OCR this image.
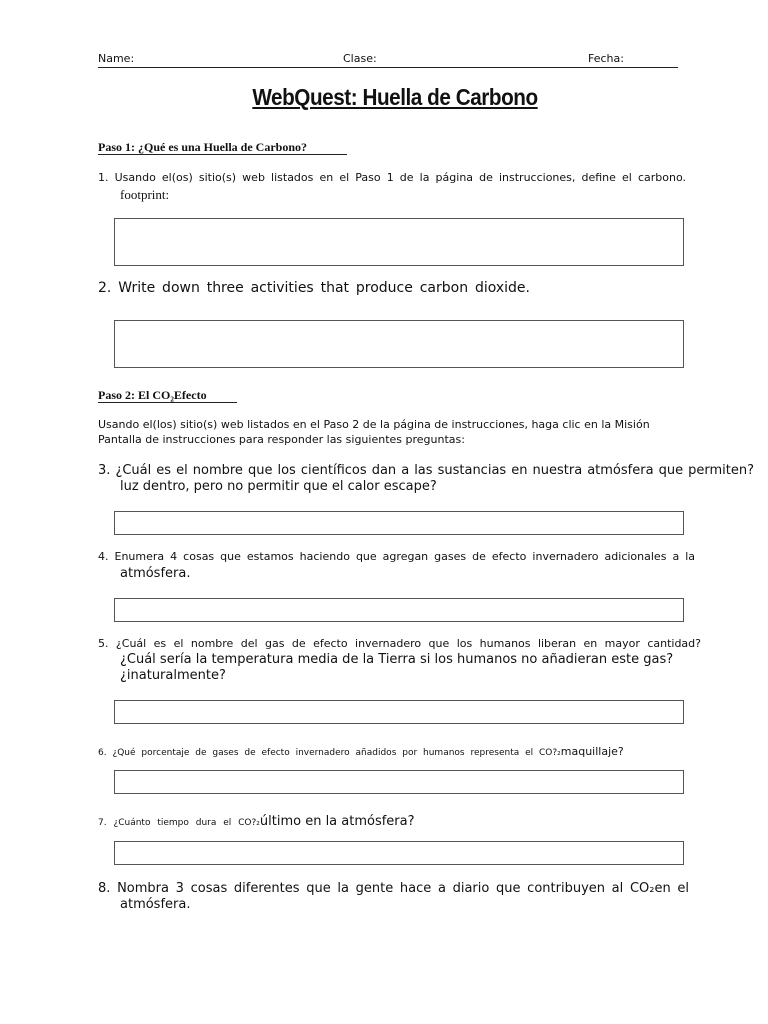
Name:	Clase:	Fecha:
WebQuest: Huella de Carbono
Paso 1: ¿Qué es una Huella de Carbono?
1. Usando el(os) sitio(s) web listados en el Paso 1 de la página de instrucciones, define el carbono.
footprint:
2. Write down three activities that produce carbon dioxide.
Paso 2: El CO₂Efecto
Usando el(los) sitio(s) web listados en el Paso 2 de la página de instrucciones, haga clic en la Misión
Pantalla de instrucciones para responder las siguientes preguntas:
3. ¿Cuál es el nombre que los científicos dan a las sustancias en nuestra atmósfera que permiten?
luz dentro, pero no permitir que el calor escape?
4. Enumera 4 cosas que estamos haciendo que agregan gases de efecto invernadero adicionales a la
atmósfera.
5. ¿Cuál es el nombre del gas de efecto invernadero que los humanos liberan en mayor cantidad?
¿Cuál sería la temperatura media de la Tierra si los humanos no añadieran este gas?
¿inaturalmente?
6. ¿Qué porcentaje de gases de efecto invernadero añadidos por humanos representa el CO?₂maquillaje?
7. ¿Cuánto tiempo dura el CO?₂último en la atmósfera?
8. Nombra 3 cosas diferentes que la gente hace a diario que contribuyen al CO₂en el
atmósfera.
